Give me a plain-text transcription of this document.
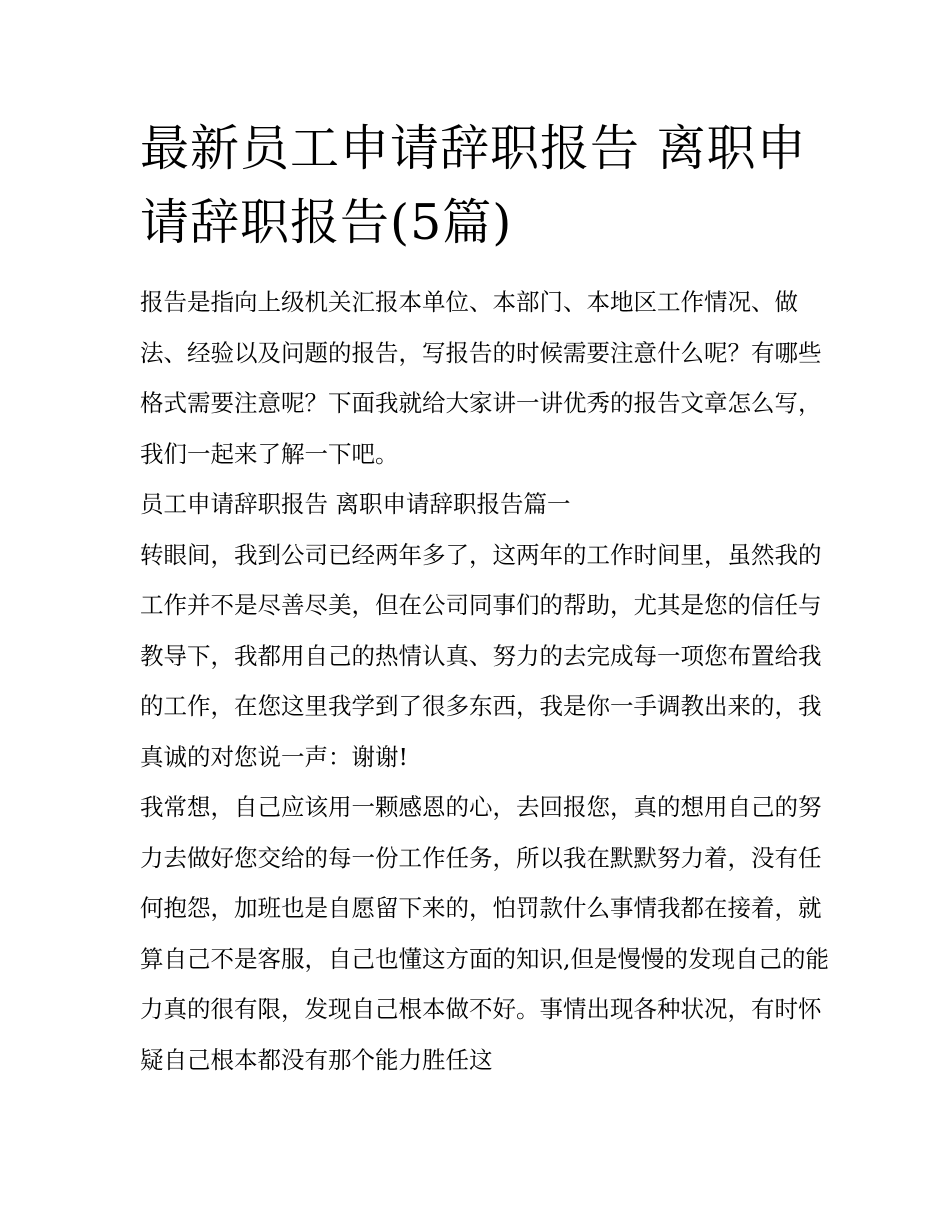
最新员工申请辞职报告 离职申请辞职报告(5篇)

报告是指向上级机关汇报本单位、本部门、本地区工作情况、做法、经验以及问题的报告，写报告的时候需要注意什么呢？有哪些格式需要注意呢？下面我就给大家讲一讲优秀的报告文章怎么写，我们一起来了解一下吧。

员工申请辞职报告 离职申请辞职报告篇一

转眼间，我到公司已经两年多了，这两年的工作时间里，虽然我的工作并不是尽善尽美，但在公司同事们的帮助，尤其是您的信任与教导下，我都用自己的热情认真、努力的去完成每一项您布置给我的工作，在您这里我学到了很多东西，我是你一手调教出来的，我真诚的对您说一声：谢谢!

我常想，自己应该用一颗感恩的心，去回报您，真的想用自己的努力去做好您交给的每一份工作任务，所以我在默默努力着，没有任何抱怨，加班也是自愿留下来的，怕罚款什么事情我都在接着，就算自己不是客服，自己也懂这方面的知识,但是慢慢的发现自己的能力真的很有限，发现自己根本做不好。事情出现各种状况，有时怀疑自己根本都没有那个能力胜任这
